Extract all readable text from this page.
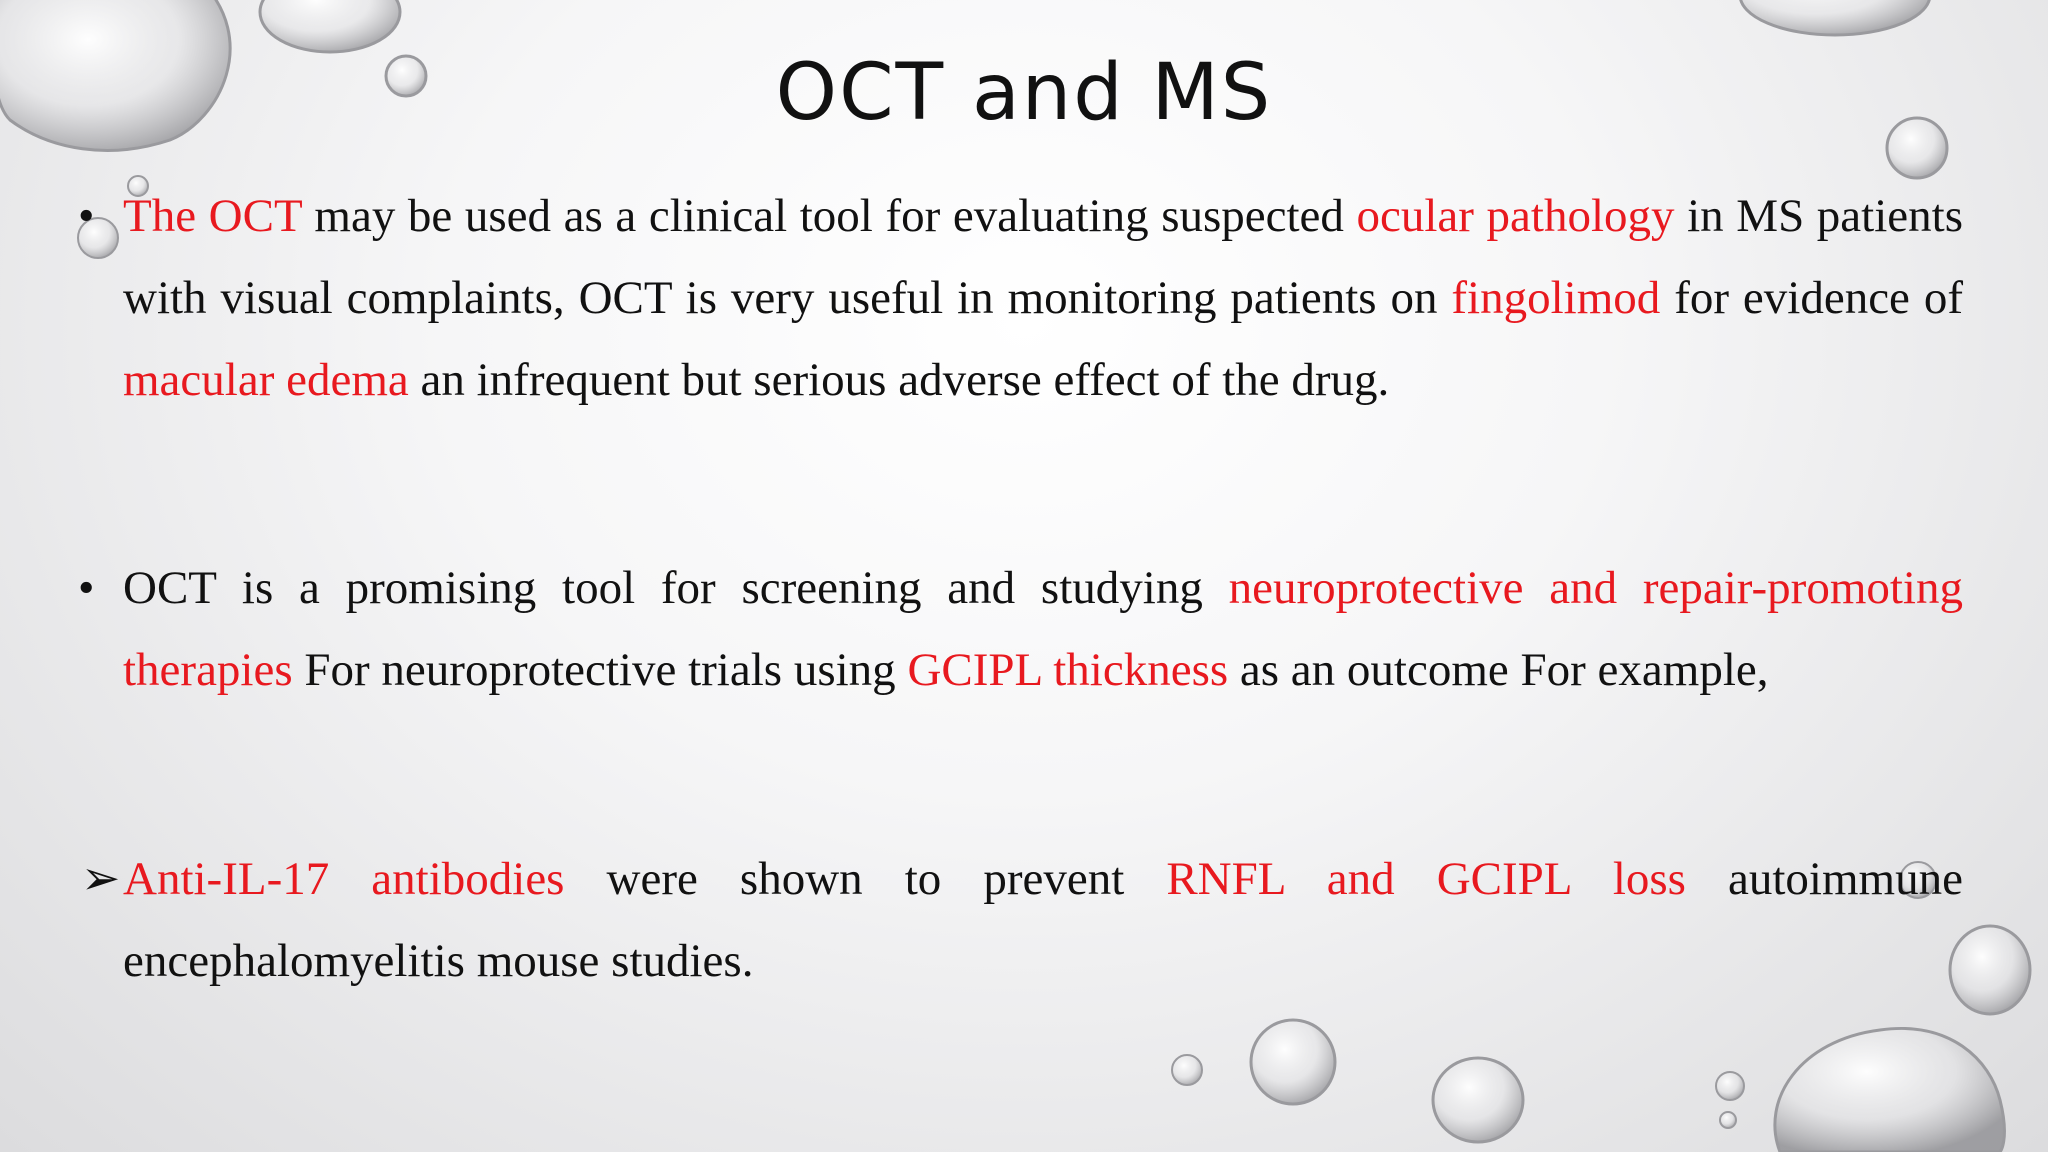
OCT and MS

• The OCT may be used as a clinical tool for evaluating suspected ocular pathology in MS patients with visual complaints, OCT is very useful in monitoring patients on fingolimod for evidence of macular edema an infrequent but serious adverse effect of the drug.

• OCT is a promising tool for screening and studying neuroprotective and repair-promoting therapies For neuroprotective trials using GCIPL thickness as an outcome For example,

➢ Anti-IL-17 antibodies were shown to prevent RNFL and GCIPL loss autoimmune encephalomyelitis mouse studies.
